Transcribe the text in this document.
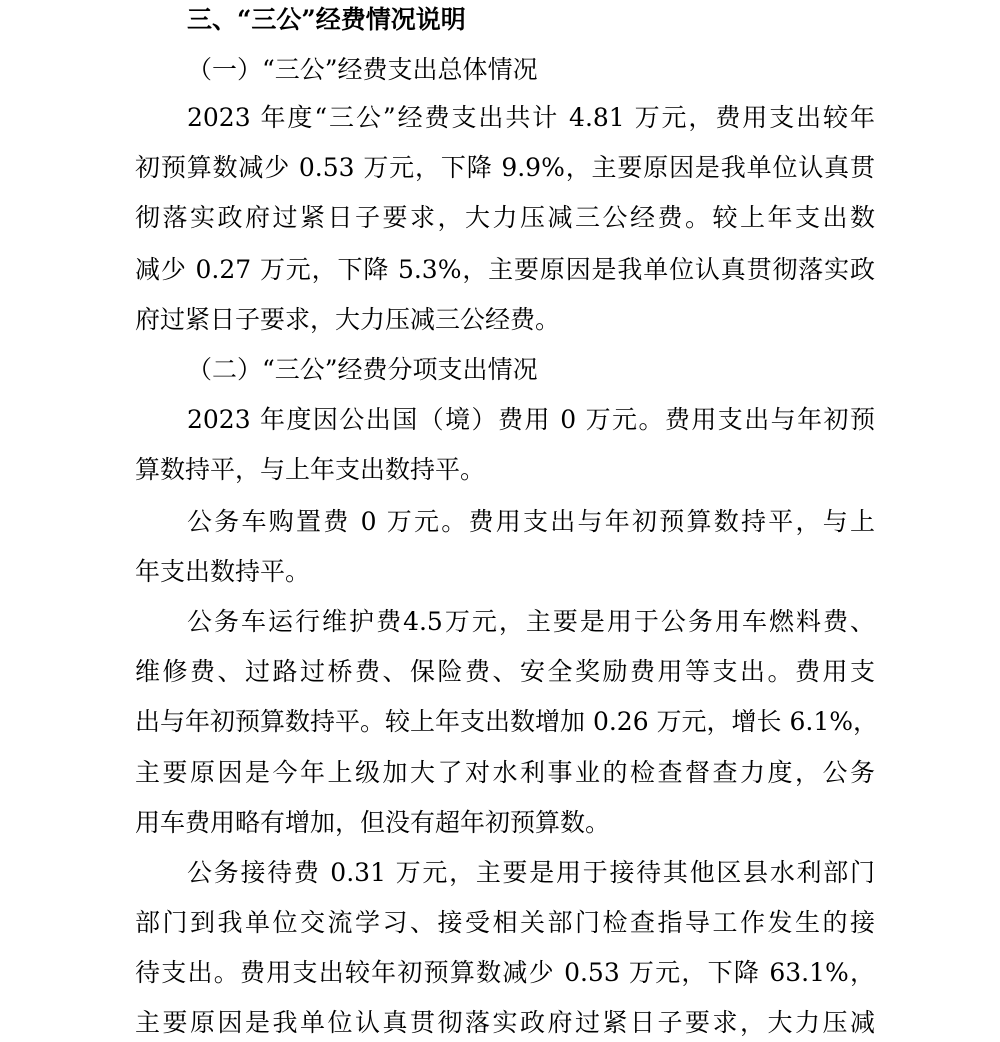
三、“三公”经费情况说明
（一）“三公”经费支出总体情况
2023 年度“三公”经费支出共计 4.81 万元，费用支出较年
初预算数减少 0.53 万元，下降 9.9%，主要原因是我单位认真贯
彻落实政府过紧日子要求，大力压减三公经费。较上年支出数
减少 0.27 万元，下降 5.3%，主要原因是我单位认真贯彻落实政
府过紧日子要求，大力压减三公经费。
（二）“三公”经费分项支出情况
2023 年度因公出国（境）费用 0 万元。费用支出与年初预
算数持平，与上年支出数持平。
公务车购置费 0 万元。费用支出与年初预算数持平，与上
年支出数持平。
公务车运行维护费4.5万元，主要是用于公务用车燃料费、
维修费、过路过桥费、保险费、安全奖励费用等支出。费用支
出与年初预算数持平。较上年支出数增加 0.26 万元，增长 6.1%，
主要原因是今年上级加大了对水利事业的检查督查力度，公务
用车费用略有增加，但没有超年初预算数。
公务接待费 0.31 万元，主要是用于接待其他区县水利部门
部门到我单位交流学习、接受相关部门检查指导工作发生的接
待支出。费用支出较年初预算数减少 0.53 万元，下降 63.1%，
主要原因是我单位认真贯彻落实政府过紧日子要求，大力压减
